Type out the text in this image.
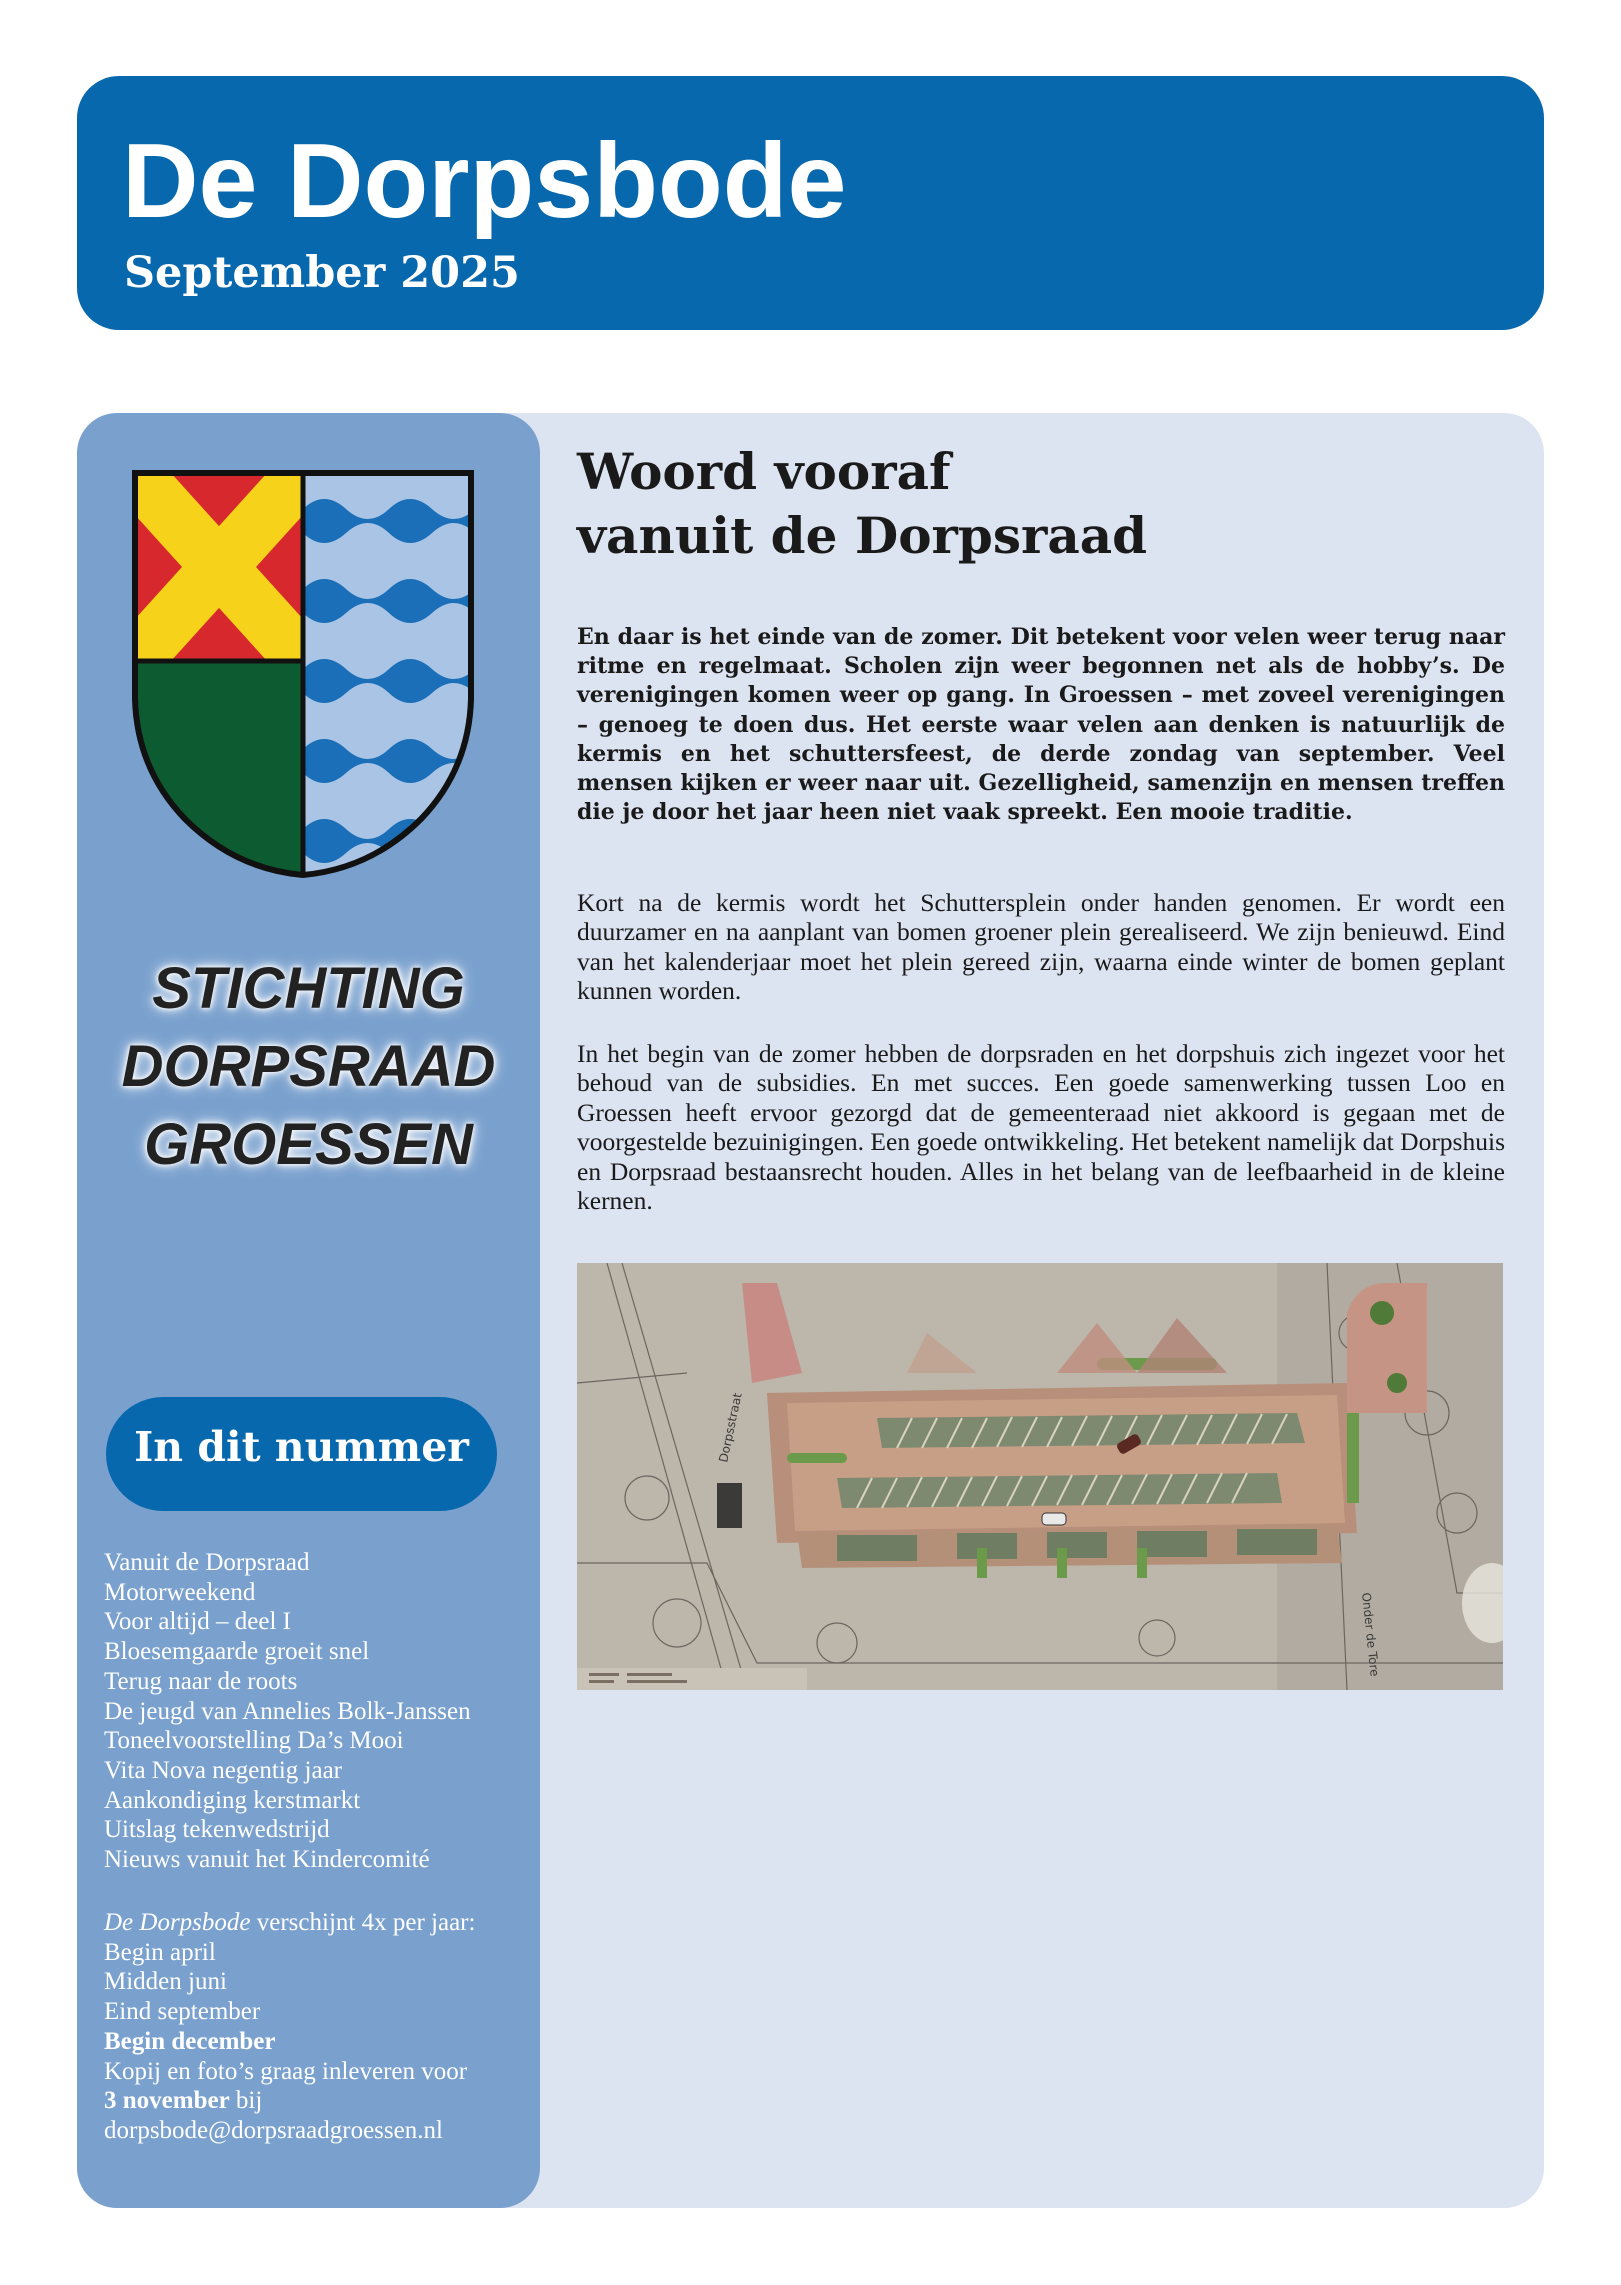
De Dorpsbode
September 2025
STICHTING
DORPSRAAD
GROESSEN
In dit nummer
Vanuit de Dorpsraad
Motorweekend
Voor altijd – deel I
Bloesemgaarde groeit snel
Terug naar de roots
De jeugd van Annelies Bolk-Janssen
Toneelvoorstelling Da’s Mooi
Vita Nova negentig jaar
Aankondiging kerstmarkt
Uitslag tekenwedstrijd
Nieuws vanuit het Kindercomité
De Dorpsbode verschijnt 4x per jaar:
Begin april
Midden juni
Eind september
Begin december
Kopij en foto’s graag inleveren voor
3 november bij
dorpsbode@dorpsraadgroessen.nl
Woord vooraf
vanuit de Dorpsraad
En daar is het einde van de zomer. Dit betekent voor velen weer terug naar ritme en regelmaat. Scholen zijn weer begonnen net als de hobby’s. De verenigingen komen weer op gang. In Groessen – met zoveel verenigingen – genoeg te doen dus. Het eerste waar velen aan denken is natuurlijk de kermis en het schuttersfeest, de derde zondag van september. Veel mensen kijken er weer naar uit. Gezelligheid, samenzijn en mensen treffen die je door het jaar heen niet vaak spreekt. Een mooie traditie.
Kort na de kermis wordt het Schuttersplein onder handen genomen. Er wordt een duurzamer en na aanplant van bomen groener plein gerealiseerd. We zijn benieuwd. Eind van het kalenderjaar moet het plein gereed zijn, waarna einde winter de bomen geplant kunnen worden.
In het begin van de zomer hebben de dorpsraden en het dorpshuis zich ingezet voor het behoud van de subsidies. En met succes. Een goede samenwerking tussen Loo en Groessen heeft ervoor gezorgd dat de gemeenteraad niet akkoord is gegaan met de voorgestelde bezuinigingen. Een goede ontwikkeling. Het betekent namelijk dat Dorpshuis en Dorpsraad bestaansrecht houden. Alles in het belang van de leefbaarheid in de kleine kernen.
Dorpsstraat
Onder de Tore
